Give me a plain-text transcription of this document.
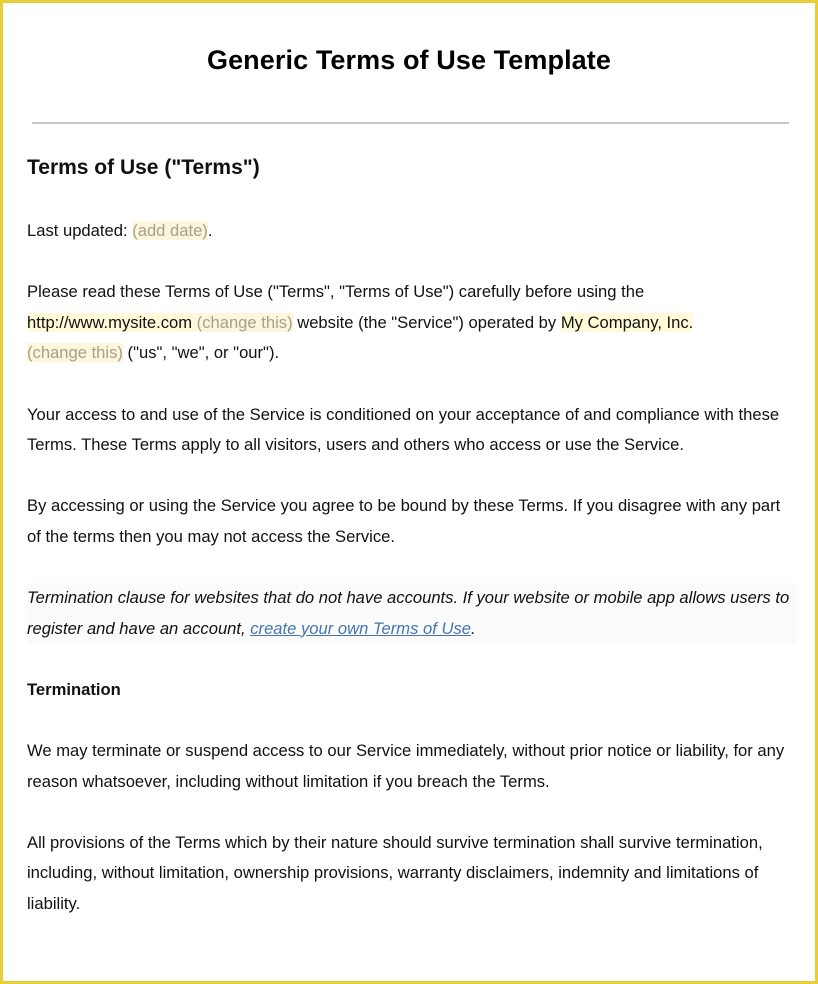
Generic Terms of Use Template
Terms of Use ("Terms")

Last updated: (add date).

Please read these Terms of Use ("Terms", "Terms of Use") carefully before using the http://www.mysite.com (change this) website (the "Service") operated by My Company, Inc.
(change this) ("us", "we", or "our").

Your access to and use of the Service is conditioned on your acceptance of and compliance with these Terms. These Terms apply to all visitors, users and others who access or use the Service.

By accessing or using the Service you agree to be bound by these Terms. If you disagree with any part of the terms then you may not access the Service.

Termination clause for websites that do not have accounts. If your website or mobile app allows users to register and have an account, create your own Terms of Use.

Termination

We may terminate or suspend access to our Service immediately, without prior notice or liability, for any reason whatsoever, including without limitation if you breach the Terms.

All provisions of the Terms which by their nature should survive termination shall survive termination, including, without limitation, ownership provisions, warranty disclaimers, indemnity and limitations of liability.
